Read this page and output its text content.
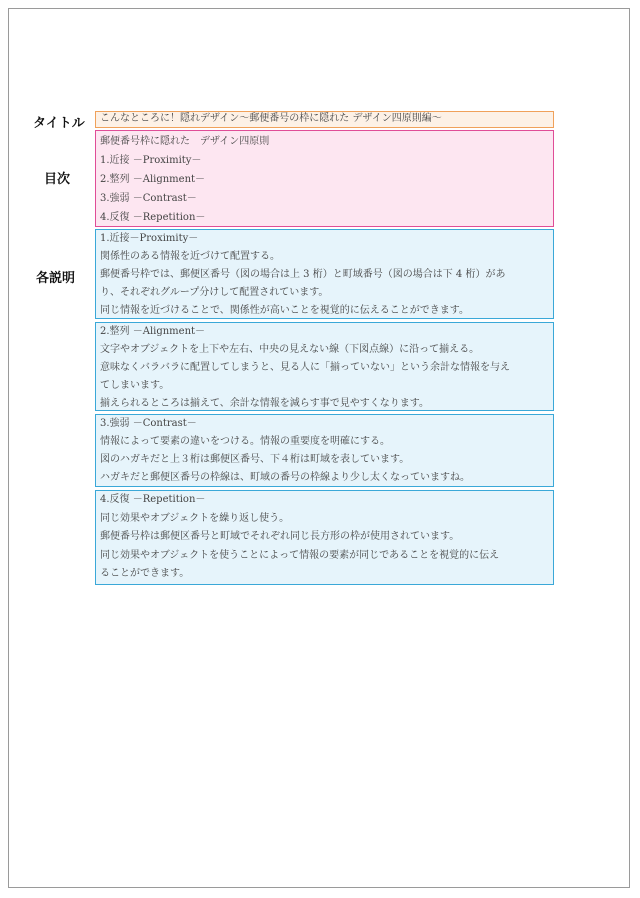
タイトル
目次
各説明
こんなところに！隠れデザイン〜郵便番号の枠に隠れた デザイン四原則編〜
郵便番号枠に隠れた　デザイン四原則
1.近接 －Proximity－
2.整列 －Alignment－
3.強弱 －Contrast－
4.反復 －Repetition－
1.近接－Proximity－
関係性のある情報を近づけて配置する。
郵便番号枠では、郵便区番号（図の場合は上 3 桁）と町域番号（図の場合は下 4 桁）があ
り、それぞれグループ分けして配置されています。
同じ情報を近づけることで、関係性が高いことを視覚的に伝えることができます。
2.整列 －Alignment－
文字やオブジェクトを上下や左右、中央の見えない線（下図点線）に沿って揃える。
意味なくバラバラに配置してしまうと、見る人に「揃っていない」という余計な情報を与え
てしまいます。
揃えられるところは揃えて、余計な情報を減らす事で見やすくなります。
3.強弱 －Contrast－
情報によって要素の違いをつける。情報の重要度を明確にする。
図のハガキだと上３桁は郵便区番号、下４桁は町域を表しています。
ハガキだと郵便区番号の枠線は、町域の番号の枠線より少し太くなっていますね。
4.反復 －Repetition－
同じ効果やオブジェクトを繰り返し使う。
郵便番号枠は郵便区番号と町域でそれぞれ同じ長方形の枠が使用されています。
同じ効果やオブジェクトを使うことによって情報の要素が同じであることを視覚的に伝え
ることができます。
